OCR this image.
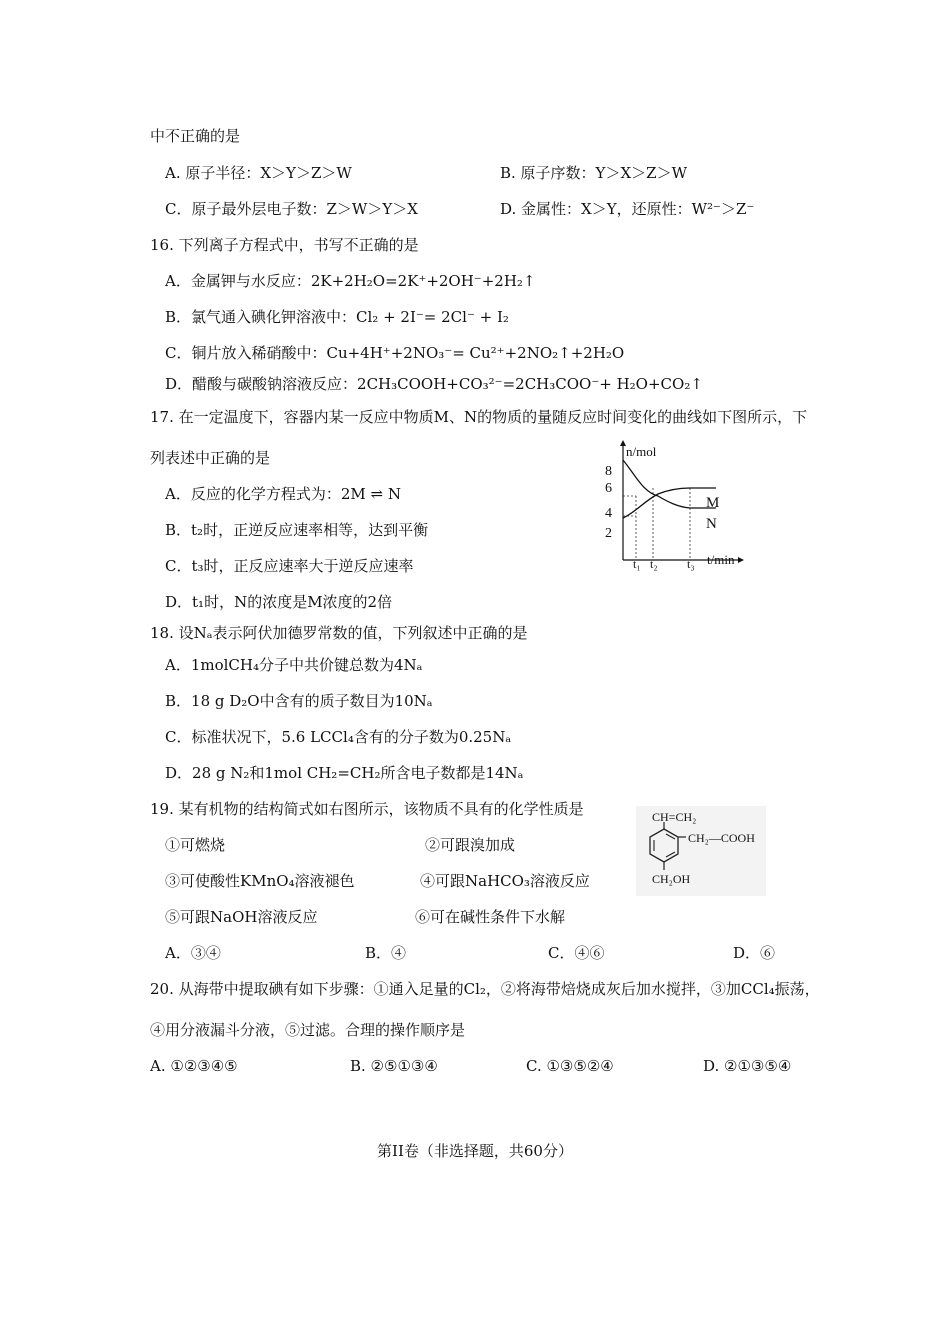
中不正确的是
A. 原子半径：X＞Y＞Z＞W	B. 原子序数：Y＞X＞Z＞W
C．原子最外层电子数：Z＞W＞Y＞X	D. 金属性：X＞Y，还原性：W²⁻＞Z⁻
16. 下列离子方程式中，书写不正确的是
A．金属钾与水反应：2K+2H₂O=2K⁺+2OH⁻+2H₂↑
B．氯气通入碘化钾溶液中：Cl₂ + 2I⁻= 2Cl⁻ + I₂
C．铜片放入稀硝酸中：Cu+4H⁺+2NO₃⁻= Cu²⁺+2NO₂↑+2H₂O
D．醋酸与碳酸钠溶液反应：2CH₃COOH+CO₃²⁻=2CH₃COO⁻+ H₂O+CO₂↑
17. 在一定温度下，容器内某一反应中物质M、N的物质的量随反应时间变化的曲线如下图所示，下
列表述中正确的是
A．反应的化学方程式为：2M ⇌ N
B．t₂时，正逆反应速率相等，达到平衡
C．t₃时，正反应速率大于逆反应速率
D．t₁时，N的浓度是M浓度的2倍
n/mol
t/min
8
6
4
2
t₁ t₂ t₃
M
N
18. 设Nₐ表示阿伏加德罗常数的值，下列叙述中正确的是
A．1molCH₄分子中共价键总数为4Nₐ
B．18 g D₂O中含有的质子数目为10Nₐ
C．标准状况下，5.6 LCCl₄含有的分子数为0.25Nₐ
D．28 g N₂和1mol CH₂=CH₂所含电子数都是14Nₐ
19. 某有机物的结构简式如右图所示，该物质不具有的化学性质是
①可燃烧	②可跟溴加成
③可使酸性KMnO₄溶液褪色	④可跟NaHCO₃溶液反应
⑤可跟NaOH溶液反应	⑥可在碱性条件下水解
A．③④	B．④	C．④⑥	D．⑥
CH=CH₂
CH₂—COOH
CH₂OH
20. 从海带中提取碘有如下步骤：①通入足量的Cl₂，②将海带焙烧成灰后加水搅拌，③加CCl₄振荡，
④用分液漏斗分液，⑤过滤。合理的操作顺序是
A. ①②③④⑤	B. ②⑤①③④	C. ①③⑤②④	D. ②①③⑤④
第II卷（非选择题，共60分）
